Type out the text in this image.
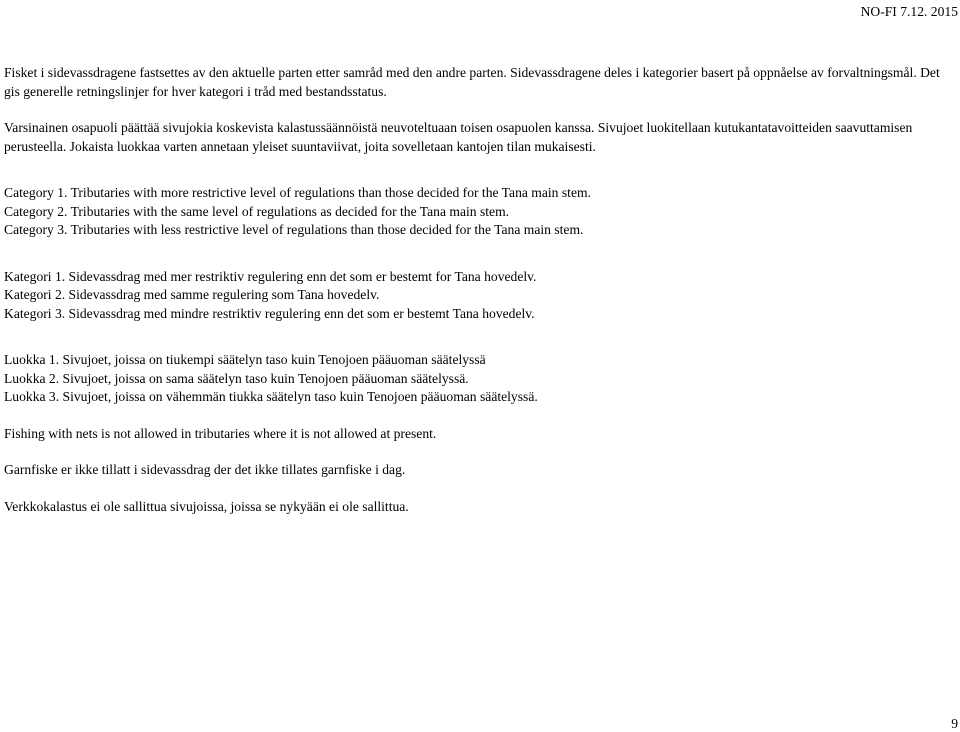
NO-FI 7.12. 2015

Fisket i sidevassdragene fastsettes av den aktuelle parten etter samråd med den andre parten. Sidevassdragene deles i kategorier basert på oppnåelse av forvaltningsmål. Det gis generelle retningslinjer for hver kategori i tråd med bestandsstatus.

Varsinainen osapuoli päättää sivujokia koskevista kalastussäännöistä neuvoteltuaan toisen osapuolen kanssa. Sivujoet luokitellaan kutukantatavoitteiden saavuttamisen perusteella. Jokaista luokkaa varten annetaan yleiset suuntaviivat, joita sovelletaan kantojen tilan mukaisesti.

Category 1. Tributaries with more restrictive level of regulations than those decided for the Tana main stem.

Category 2. Tributaries with the same level of regulations as decided for the Tana main stem.

Category 3. Tributaries with less restrictive level of regulations than those decided for the Tana main stem.

Kategori 1. Sidevassdrag med mer restriktiv regulering enn det som er bestemt for Tana hovedelv.

Kategori 2. Sidevassdrag med samme regulering som Tana hovedelv.

Kategori 3. Sidevassdrag med mindre restriktiv regulering enn det som er bestemt Tana hovedelv.

Luokka 1. Sivujoet, joissa on tiukempi säätelyn taso kuin Tenojoen pääuoman säätelyssä

Luokka 2. Sivujoet, joissa on sama säätelyn taso kuin Tenojoen pääuoman säätelyssä.

Luokka 3. Sivujoet, joissa on vähemmän tiukka säätelyn taso kuin Tenojoen pääuoman säätelyssä.

Fishing with nets is not allowed in tributaries where it is not allowed at present.

Garnfiske er ikke tillatt i sidevassdrag der det ikke tillates garnfiske i dag.

Verkkokalastus ei ole sallittua sivujoissa, joissa se nykyään ei ole sallittua.

9
